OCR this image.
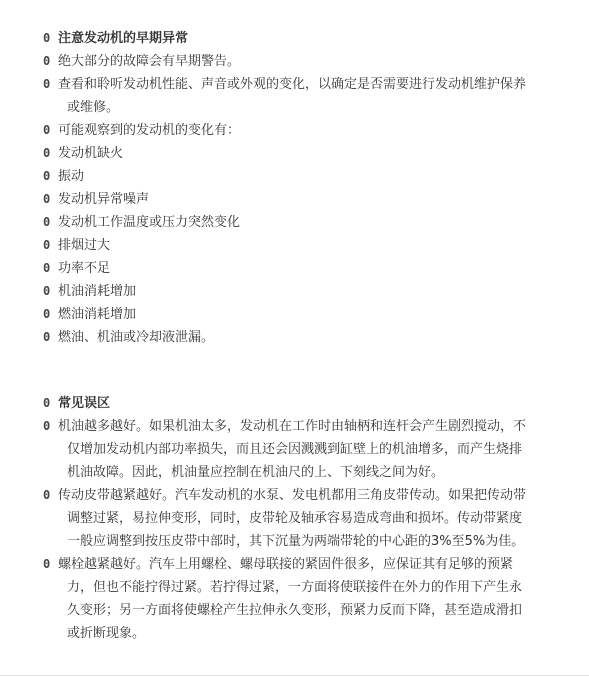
0 注意发动机的早期异常
0 绝大部分的故障会有早期警告。
0 查看和聆听发动机性能、声音或外观的变化，以确定是否需要进行发动机维护保养
或维修。
0 可能观察到的发动机的变化有：
0 发动机缺火
0 振动
0 发动机异常噪声
0 发动机工作温度或压力突然变化
0 排烟过大
0 功率不足
0 机油消耗增加
0 燃油消耗增加
0 燃油、机油或冷却液泄漏。
0 常见误区
0 机油越多越好。如果机油太多，发动机在工作时由轴柄和连杆会产生剧烈搅动，不
仅增加发动机内部功率损失，而且还会因溅溅到缸壁上的机油增多，而产生烧排
机油故障。因此，机油量应控制在机油尺的上、下刻线之间为好。
0 传动皮带越紧越好。汽车发动机的水泵、发电机都用三角皮带传动。如果把传动带
调整过紧，易拉伸变形，同时，皮带轮及轴承容易造成弯曲和损坏。传动带紧度
一般应调整到按压皮带中部时，其下沉量为两端带轮的中心距的3%至5%为佳。
0 螺栓越紧越好。汽车上用螺栓、螺母联接的紧固件很多，应保证其有足够的预紧
力，但也不能拧得过紧。若拧得过紧，一方面将使联接件在外力的作用下产生永
久变形；另一方面将使螺栓产生拉伸永久变形，预紧力反而下降，甚至造成滑扣
或折断现象。
